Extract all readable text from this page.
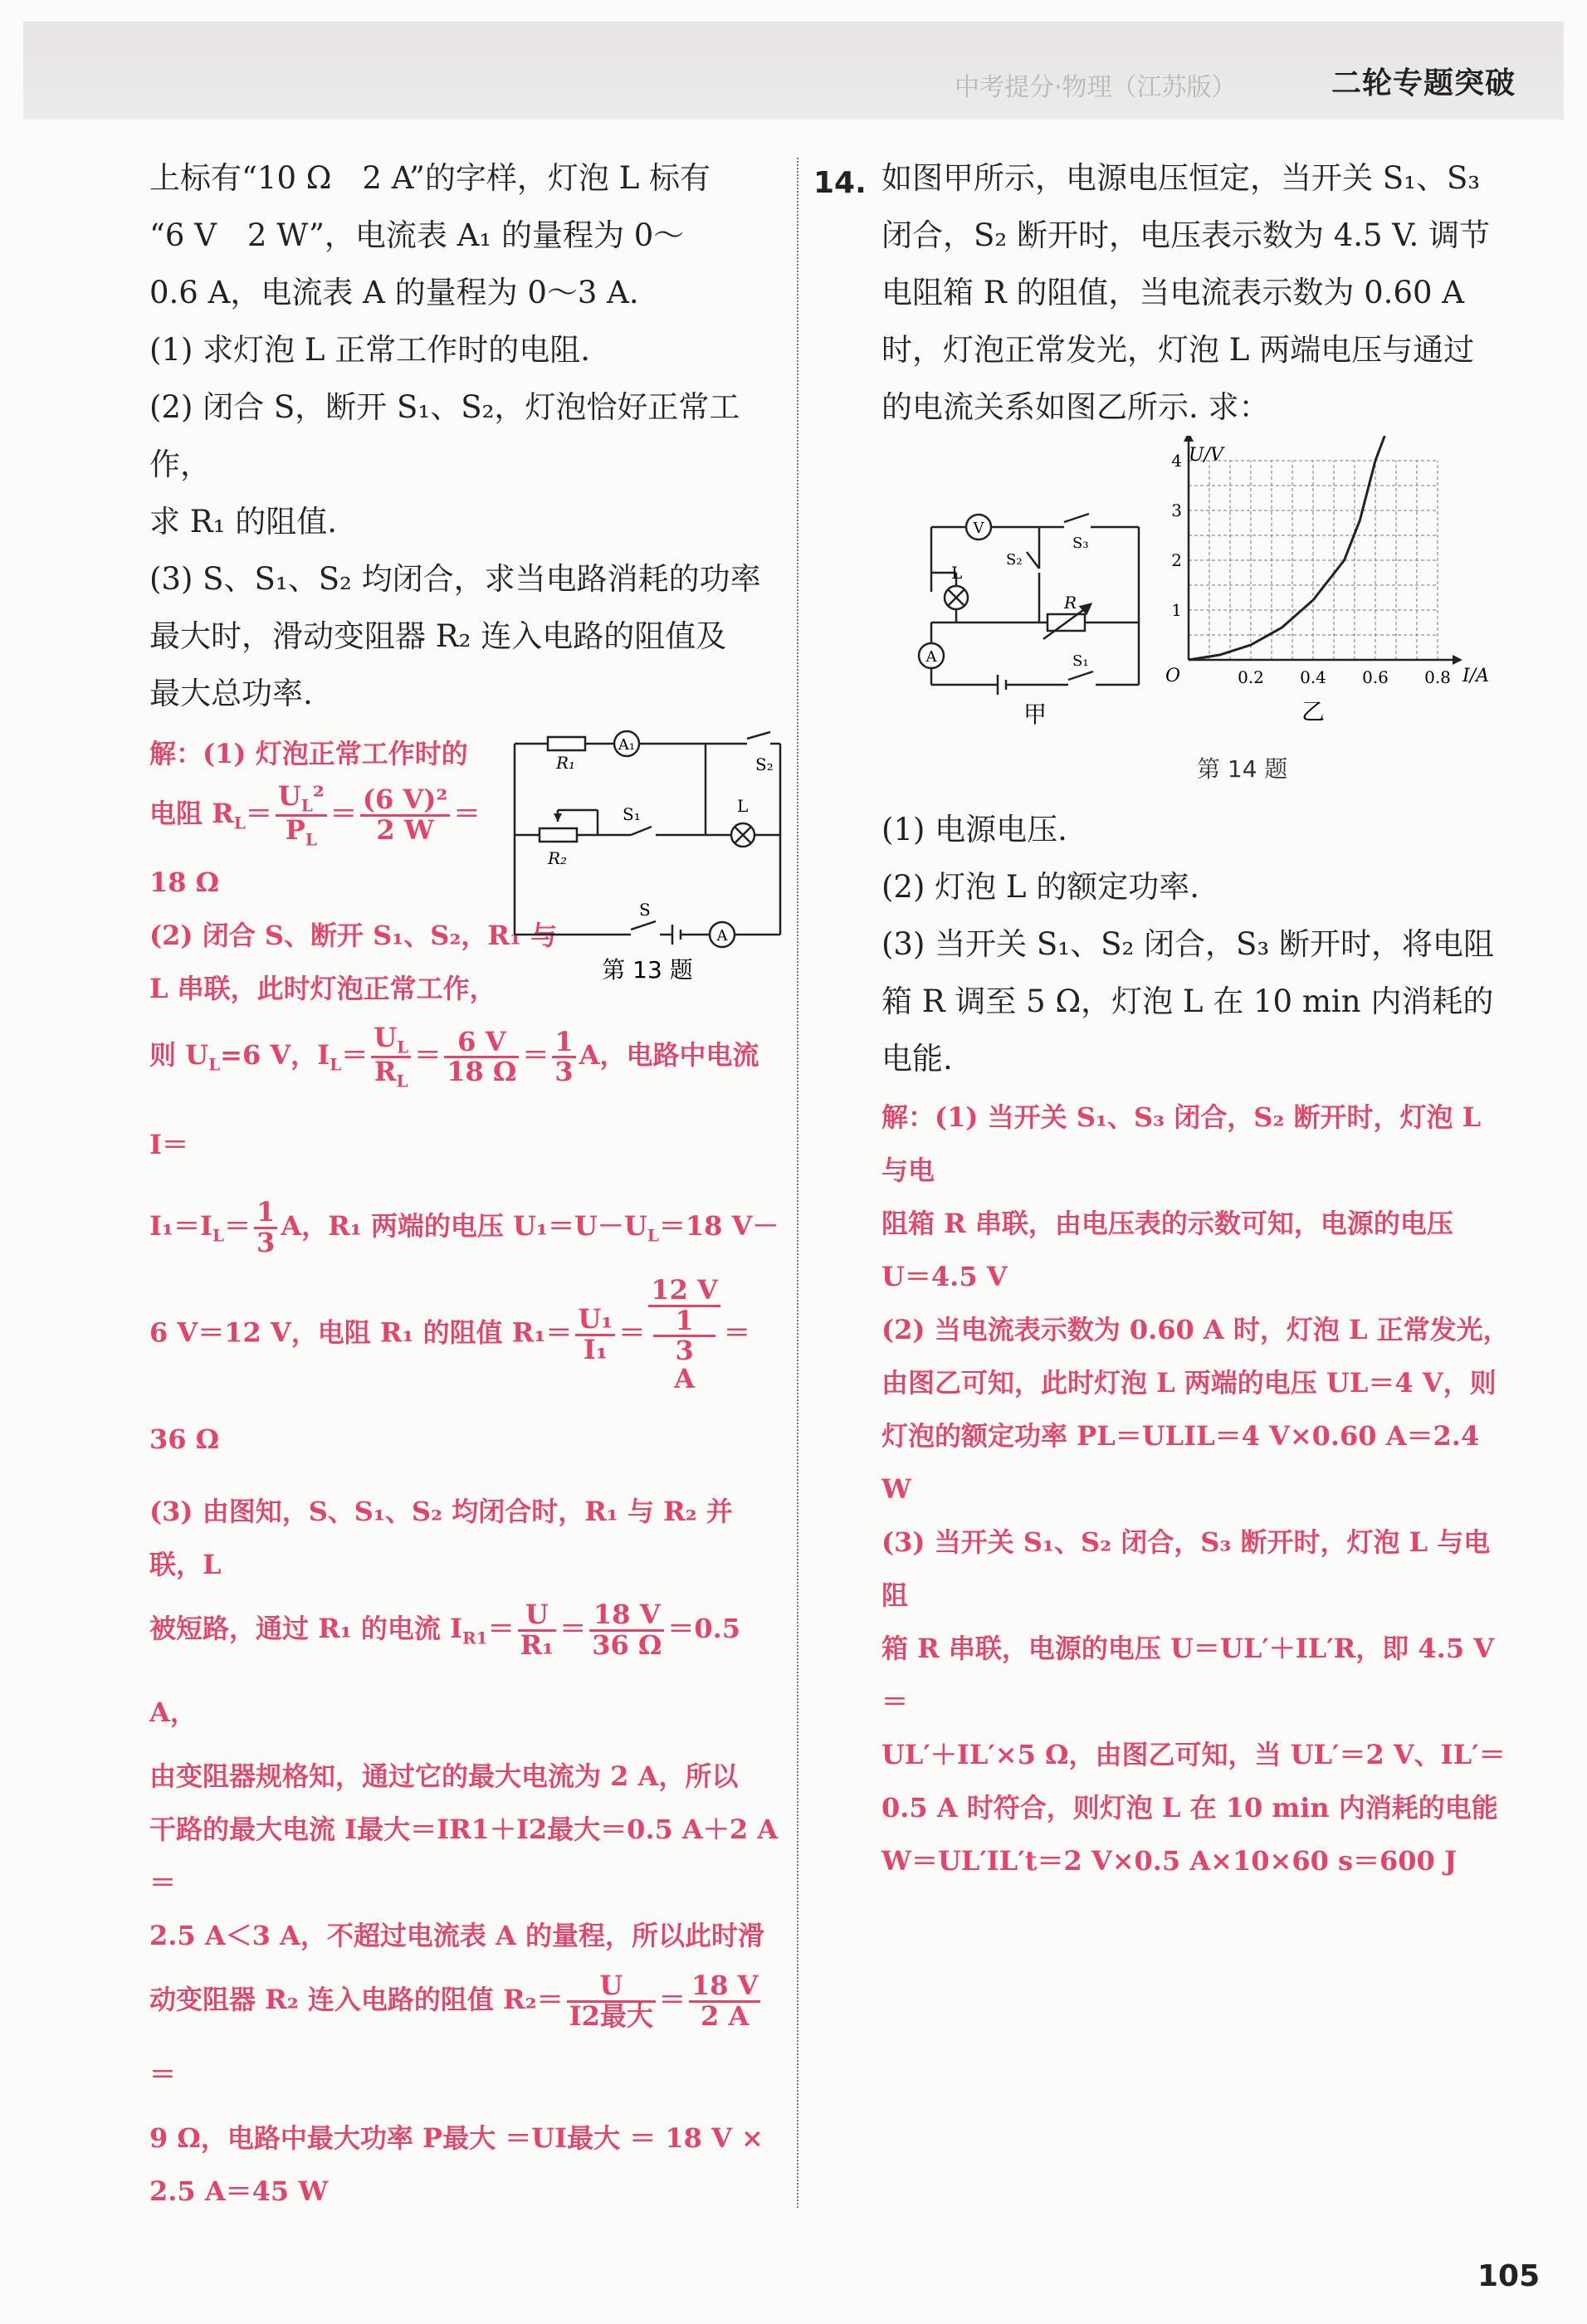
中考提分·物理（江苏版）	二轮专题突破

上标有“10 Ω　2 A”的字样，灯泡 L 标有

“6 V　2 W”，电流表 A₁ 的量程为 0～

0.6 A，电流表 A 的量程为 0～3 A.

(1) 求灯泡 L 正常工作时的电阻.

(2) 闭合 S，断开 S₁、S₂，灯泡恰好正常工作，

求 R₁ 的阻值.

(3) S、S₁、S₂ 均闭合，求当电路消耗的功率

最大时，滑动变阻器 R₂ 连入电路的阻值及

最大总功率.

A₁
R₁	S₂
L
S₁
R₂
S
A
第 13 题

解：(1) 灯泡正常工作时的

电阻 $R_L= \frac{U_L^2}{P_L} = \frac{\text{(6 V)²}}{2 W}$ ＝

18 Ω

(2) 闭合 S、断开 S₁、S₂，R₁ 与

L 串联，此时灯泡正常工作，

则 $U_L=6$ V，$I_L= \frac{U_L}{R_L} = \frac{6 V}{18 \Omega} = \frac{1}{3}$ A，电路中电流 I＝

$I_1=I_L= \frac{1}{3}$ A，R₁ 两端的电压 $U_1=U-U_L=18$ V－

6 V＝12 V，电阻 R₁ 的阻值 $R_1= \frac{\text{U₁}}{\text{I₁}} = 12$ V
1
3
A ＝36 Ω

(3) 由图知，S、S₁、S₂ 均闭合时，R₁ 与 R₂ 并联，L

被短路，通过 R₁ 的电流 $I_{R1}= \frac{U}{\text{R₁}} = \frac{18 V}{36 \Omega} =0.5$ A，

由变阻器规格知，通过它的最大电流为 2 A，所以

干路的最大电流 I最大＝IR1＋I2最大＝0.5 A＋2 A＝

2.5 A＜3 A，不超过电流表 A 的量程，所以此时滑

动变阻器 R₂ 连入电路的阻值 $R_2= \frac{U}{\text{I2最大}} = \frac{18 V}{2 A}$
＝

9 Ω，电路中最大功率 P最大 ＝UI最大 ＝ 18 V ×

2.5 A＝45 W

14. 如图甲所示，电源电压恒定，当开关 S₁、S₃

闭合，S₂ 断开时，电压表示数为 4.5 V. 调节

电阻箱 R 的阻值，当电流表示数为 0.60 A

时，灯泡正常发光，灯泡 L 两端电压与通过

的电流关系如图乙所示. 求：

V
L
S₂
S₃
R
A	S₁
甲
0.2 0.4 0.6 0.8
1
2
3
4 U/V
I/A
O
乙
第 14 题

(1) 电源电压.

(2) 灯泡 L 的额定功率.

(3) 当开关 S₁、S₂ 闭合，S₃ 断开时，将电阻

箱 R 调至 5 Ω，灯泡 L 在 10 min 内消耗的

电能.

解：(1) 当开关 S₁、S₃ 闭合，S₂ 断开时，灯泡 L 与电

阻箱 R 串联，由电压表的示数可知，电源的电压

U＝4.5 V

(2) 当电流表示数为 0.60 A 时，灯泡 L 正常发光，

由图乙可知，此时灯泡 L 两端的电压 UL＝4 V，则

灯泡的额定功率 PL＝ULIL＝4 V×0.60 A＝2.4 W

(3) 当开关 S₁、S₂ 闭合，S₃ 断开时，灯泡 L 与电阻

箱 R 串联，电源的电压 U＝UL′＋IL′R，即 4.5 V＝

UL′＋IL′×5 Ω，由图乙可知，当 UL′＝2 V、IL′＝

0.5 A 时符合，则灯泡 L 在 10 min 内消耗的电能

W＝UL′IL′t＝2 V×0.5 A×10×60 s＝600 J

105
